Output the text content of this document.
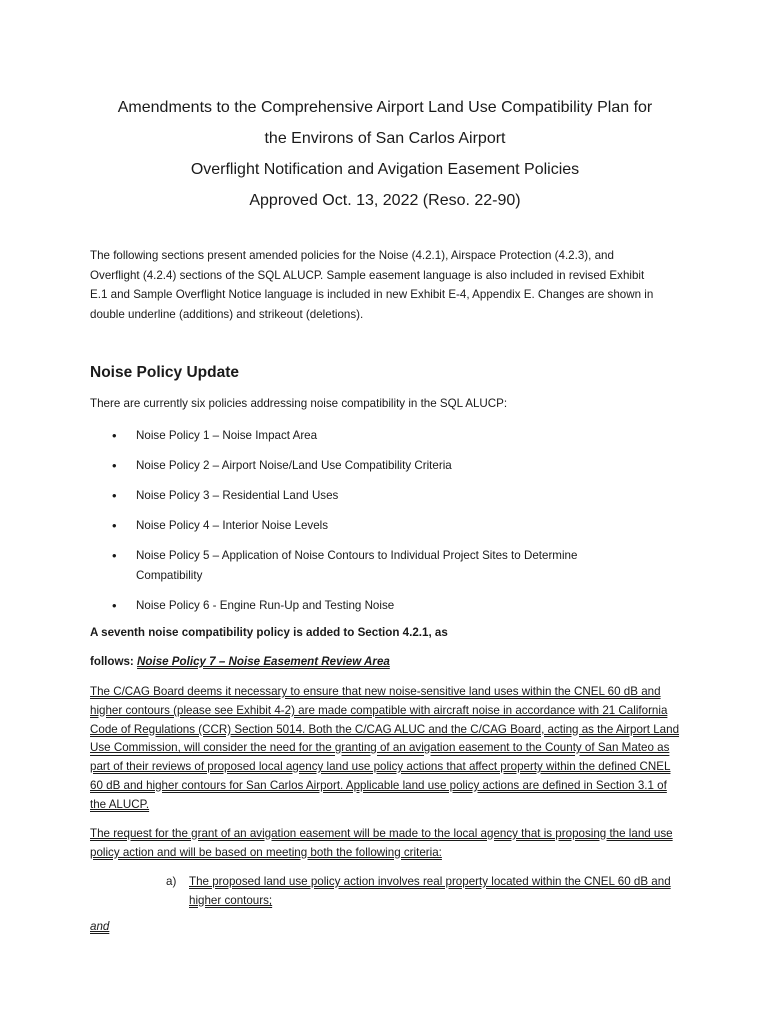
Amendments to the Comprehensive Airport Land Use Compatibility Plan for
the Environs of San Carlos Airport
Overflight Notification and Avigation Easement Policies
Approved Oct. 13, 2022 (Reso. 22-90)
The following sections present amended policies for the Noise (4.2.1), Airspace Protection (4.2.3), and Overflight (4.2.4) sections of the SQL ALUCP. Sample easement language is also included in revised Exhibit E.1 and Sample Overflight Notice language is included in new Exhibit E-4, Appendix E. Changes are shown in double underline (additions) and strikeout (deletions).
Noise Policy Update
There are currently six policies addressing noise compatibility in the SQL ALUCP:
• Noise Policy 1 – Noise Impact Area
• Noise Policy 2 – Airport Noise/Land Use Compatibility Criteria
• Noise Policy 3 – Residential Land Uses
• Noise Policy 4 – Interior Noise Levels
• Noise Policy 5 – Application of Noise Contours to Individual Project Sites to Determine Compatibility
• Noise Policy 6 - Engine Run-Up and Testing Noise
A seventh noise compatibility policy is added to Section 4.2.1, as
follows: Noise Policy 7 – Noise Easement Review Area
The C/CAG Board deems it necessary to ensure that new noise-sensitive land uses within the CNEL 60 dB and higher contours (please see Exhibit 4-2) are made compatible with aircraft noise in accordance with 21 California Code of Regulations (CCR) Section 5014. Both the C/CAG ALUC and the C/CAG Board, acting as the Airport Land Use Commission, will consider the need for the granting of an avigation easement to the County of San Mateo as part of their reviews of proposed local agency land use policy actions that affect property within the defined CNEL 60 dB and higher contours for San Carlos Airport. Applicable land use policy actions are defined in Section 3.1 of the ALUCP.
The request for the grant of an avigation easement will be made to the local agency that is proposing the land use policy action and will be based on meeting both the following criteria:
a)	The proposed land use policy action involves real property located within the CNEL 60 dB and higher contours;
and
